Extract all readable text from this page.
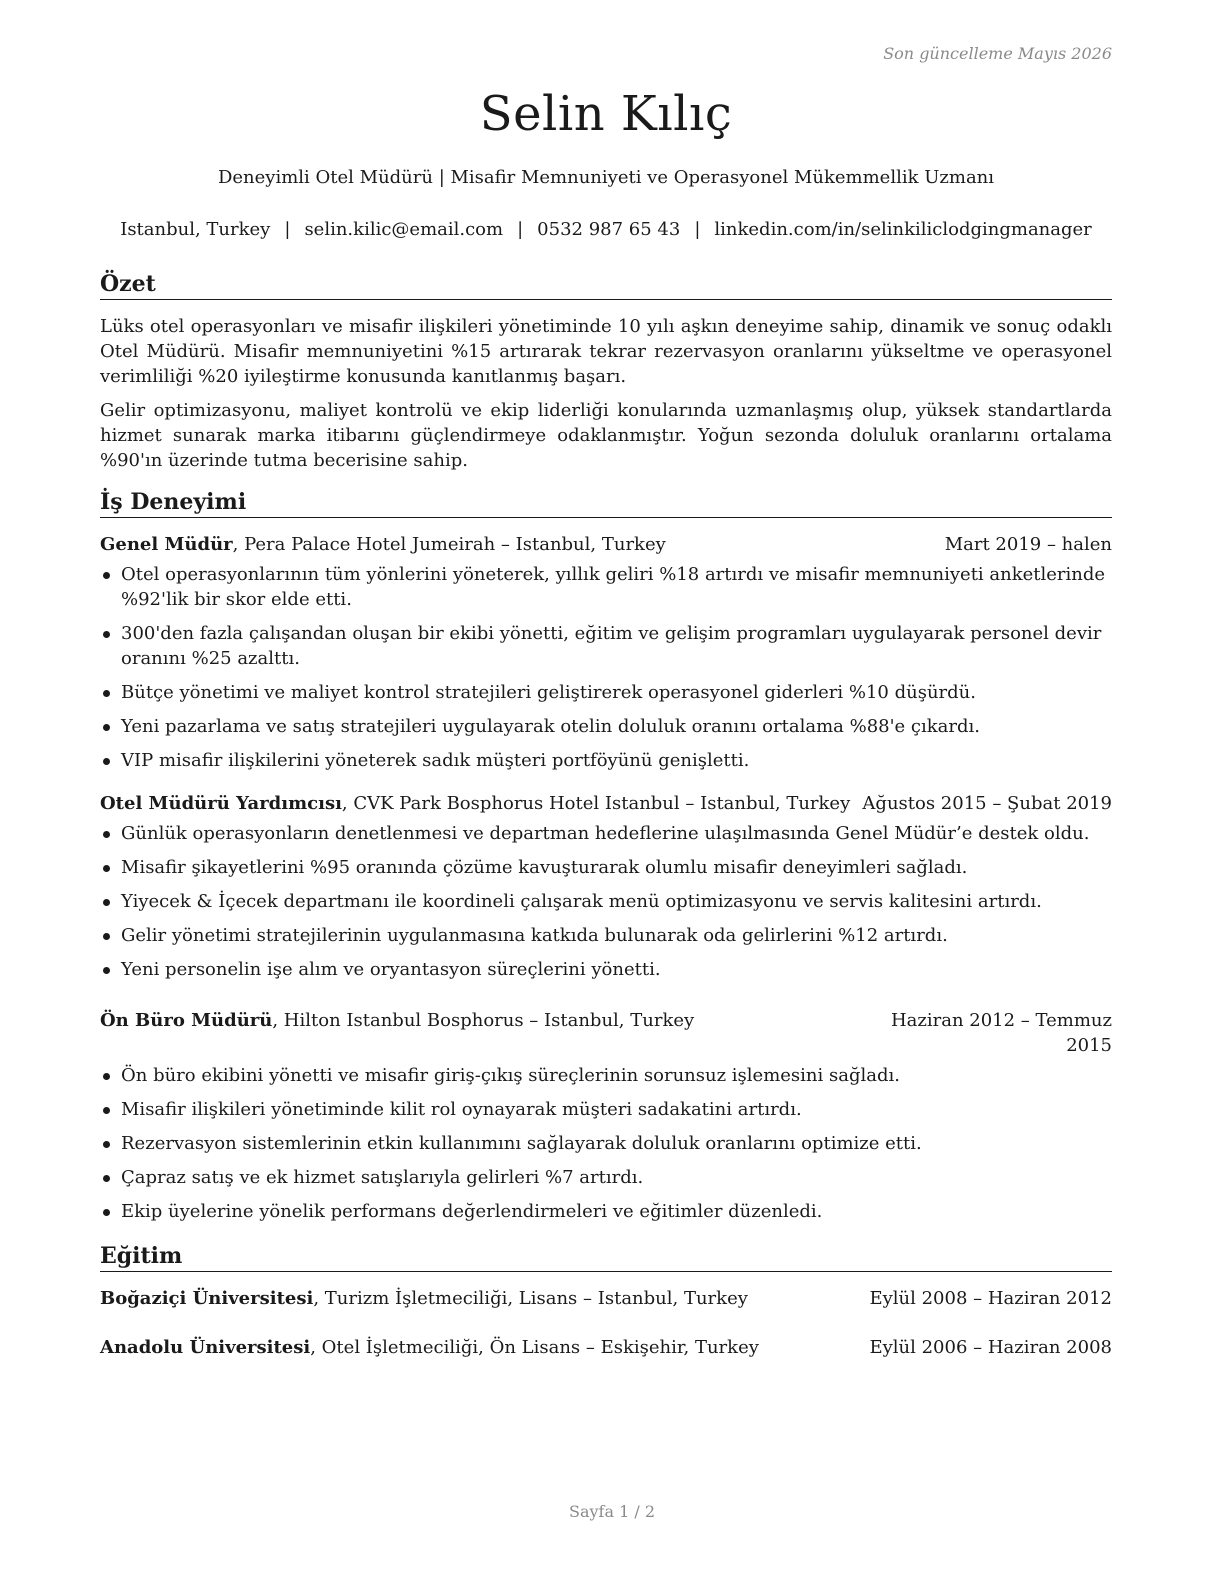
Son güncelleme Mayıs 2026
Selin Kılıç
Deneyimli Otel Müdürü | Misafir Memnuniyeti ve Operasyonel Mükemmellik Uzmanı
Istanbul, Turkey | selin.kilic@email.com | 0532 987 65 43 | linkedin.com/in/selinkiliclodgingmanager
Özet

Lüks otel operasyonları ve misafir ilişkileri yönetiminde 10 yılı aşkın deneyime sahip, dinamik ve sonuç odaklı Otel Müdürü. Misafir memnuniyetini %15 artırarak tekrar rezervasyon oranlarını yükseltme ve operasyonel verimliliği %20 iyileştirme konusunda kanıtlanmış başarı.

Gelir optimizasyonu, maliyet kontrolü ve ekip liderliği konularında uzmanlaşmış olup, yüksek standartlarda hizmet sunarak marka itibarını güçlendirmeye odaklanmıştır. Yoğun sezonda doluluk oranlarını ortalama %90'ın üzerinde tutma becerisine sahip.

İş Deneyimi
Genel Müdür, Pera Palace Hotel Jumeirah – Istanbul, Turkey	Mart 2019 – halen
Otel operasyonlarının tüm yönlerini yöneterek, yıllık geliri %18 artırdı ve misafir memnuniyeti anketlerinde %92'lik bir skor elde etti.
300'den fazla çalışandan oluşan bir ekibi yönetti, eğitim ve gelişim programları uygulayarak personel devir oranını %25 azalttı.
Bütçe yönetimi ve maliyet kontrol stratejileri geliştirerek operasyonel giderleri %10 düşürdü.
Yeni pazarlama ve satış stratejileri uygulayarak otelin doluluk oranını ortalama %88'e çıkardı.
VIP misafir ilişkilerini yöneterek sadık müşteri portföyünü genişletti.
Otel Müdürü Yardımcısı, CVK Park Bosphorus Hotel Istanbul – Istanbul, Turkey Ağustos 2015 – Şubat 2019
Günlük operasyonların denetlenmesi ve departman hedeflerine ulaşılmasında Genel Müdür’e destek oldu.
Misafir şikayetlerini %95 oranında çözüme kavuşturarak olumlu misafir deneyimleri sağladı.
Yiyecek & İçecek departmanı ile koordineli çalışarak menü optimizasyonu ve servis kalitesini artırdı.
Gelir yönetimi stratejilerinin uygulanmasına katkıda bulunarak oda gelirlerini %12 artırdı.
Yeni personelin işe alım ve oryantasyon süreçlerini yönetti.
Ön Büro Müdürü, Hilton Istanbul Bosphorus – Istanbul, Turkey	Haziran 2012 – Temmuz
2015
Ön büro ekibini yönetti ve misafir giriş-çıkış süreçlerinin sorunsuz işlemesini sağladı.
Misafir ilişkileri yönetiminde kilit rol oynayarak müşteri sadakatini artırdı.
Rezervasyon sistemlerinin etkin kullanımını sağlayarak doluluk oranlarını optimize etti.
Çapraz satış ve ek hizmet satışlarıyla gelirleri %7 artırdı.
Ekip üyelerine yönelik performans değerlendirmeleri ve eğitimler düzenledi.
Eğitim
Boğaziçi Üniversitesi, Turizm İşletmeciliği, Lisans – Istanbul, Turkey	Eylül 2008 – Haziran 2012
Anadolu Üniversitesi, Otel İşletmeciliği, Ön Lisans – Eskişehir, Turkey	Eylül 2006 – Haziran 2008
Sayfa 1 / 2
